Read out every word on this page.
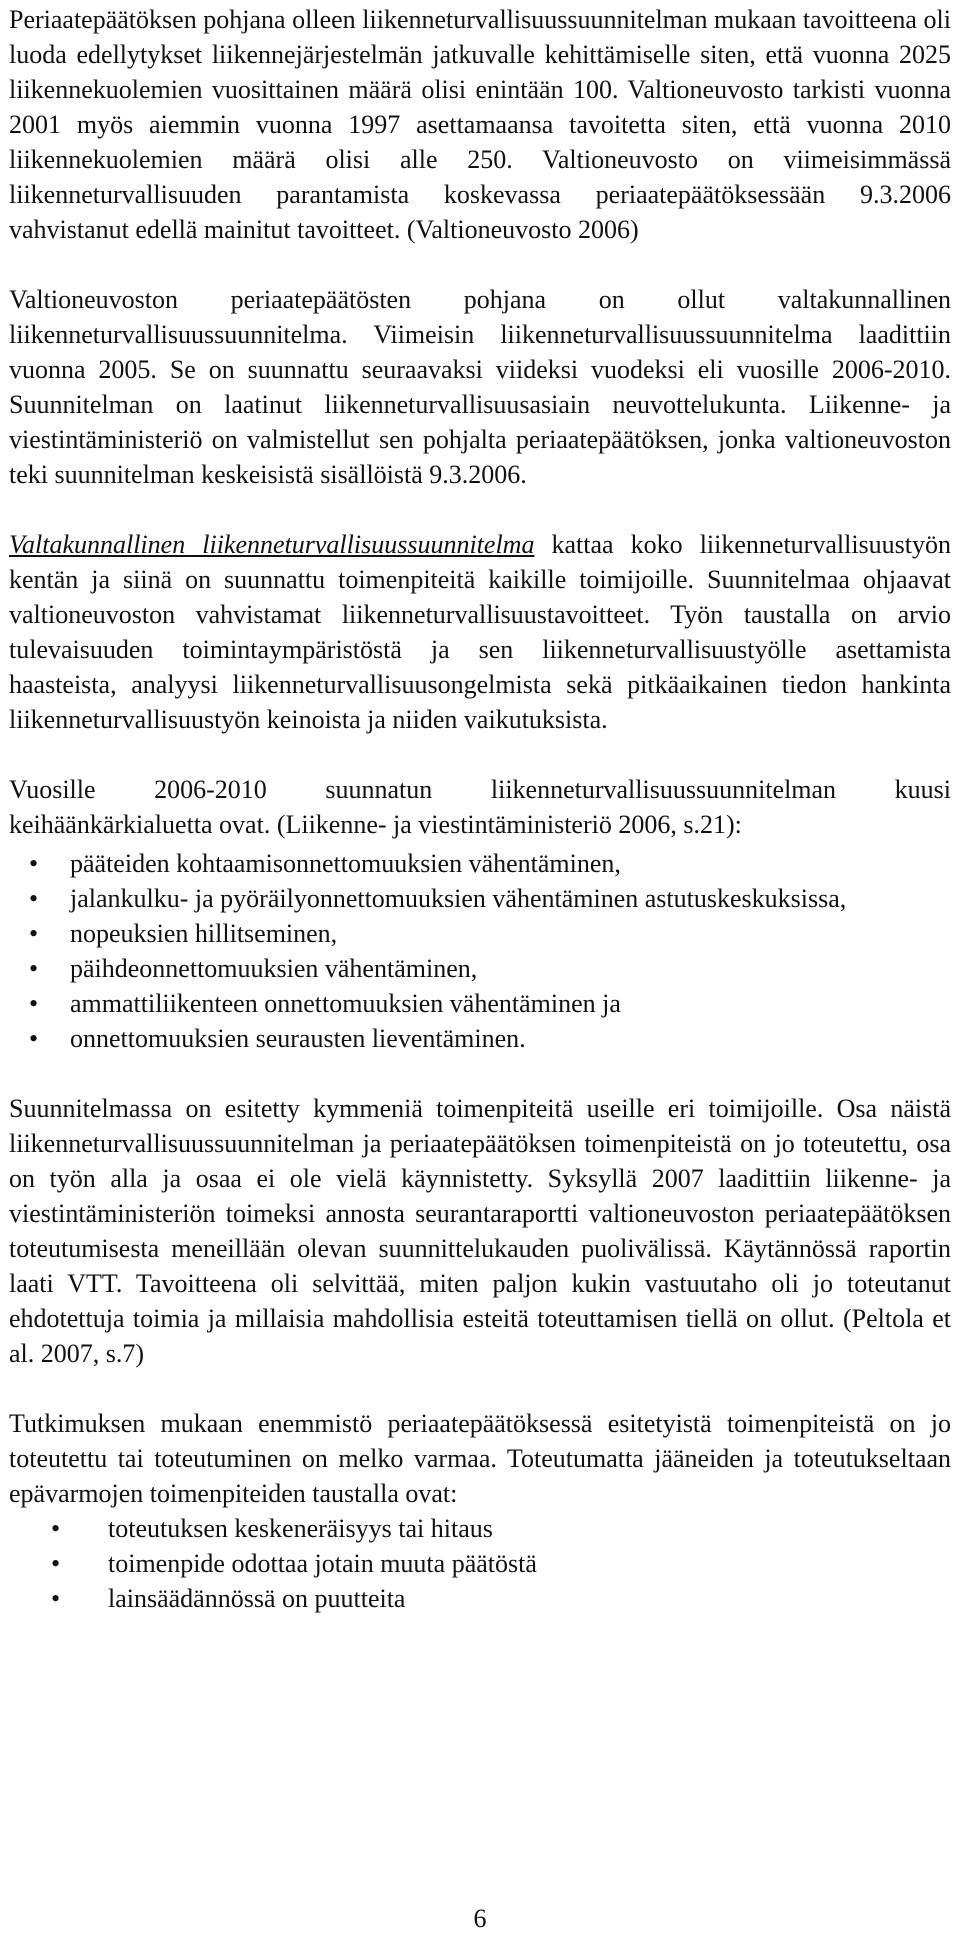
Periaatepäätöksen pohjana olleen liikenneturvallisuussuunnitelman mukaan tavoitteena oli luoda edellytykset liikennejärjestelmän jatkuvalle kehittämiselle siten, että vuonna 2025 liikennekuolemien vuosittainen määrä olisi enintään 100. Valtioneuvosto tarkisti vuonna 2001 myös aiemmin vuonna 1997 asettamaansa tavoitetta siten, että vuonna 2010 liikennekuolemien määrä olisi alle 250. Valtioneuvosto on viimeisimmässä liikenneturvallisuuden parantamista koskevassa periaatepäätöksessään 9.3.2006 vahvistanut edellä mainitut tavoitteet. (Valtioneuvosto 2006)

Valtioneuvoston periaatepäätösten pohjana on ollut valtakunnallinen liikenneturvallisuussuunnitelma. Viimeisin liikenneturvallisuussuunnitelma laadittiin vuonna 2005. Se on suunnattu seuraavaksi viideksi vuodeksi eli vuosille 2006-2010. Suunnitelman on laatinut liikenneturvallisuusasiain neuvottelukunta. Liikenne- ja viestintäministeriö on valmistellut sen pohjalta periaatepäätöksen, jonka valtioneuvoston teki suunnitelman keskeisistä sisällöistä 9.3.2006.

Valtakunnallinen liikenneturvallisuussuunnitelma kattaa koko liikenneturvallisuustyön kentän ja siinä on suunnattu toimenpiteitä kaikille toimijoille. Suunnitelmaa ohjaavat valtioneuvoston vahvistamat liikenneturvallisuustavoitteet. Työn taustalla on arvio tulevaisuuden toimintaympäristöstä ja sen liikenneturvallisuustyölle asettamista haasteista, analyysi liikenneturvallisuusongelmista sekä pitkäaikainen tiedon hankinta liikenneturvallisuustyön keinoista ja niiden vaikutuksista.

Vuosille 2006-2010 suunnatun liikenneturvallisuussuunnitelman kuusi keihäänkärkialuetta ovat. (Liikenne- ja viestintäministeriö 2006, s.21):

• pääteiden kohtaamisonnettomuuksien vähentäminen,
• jalankulku- ja pyöräilyonnettomuuksien vähentäminen astutuskeskuksissa,
• nopeuksien hillitseminen,
• päihdeonnettomuuksien vähentäminen,
• ammattiliikenteen onnettomuuksien vähentäminen ja
• onnettomuuksien seurausten lieventäminen.

Suunnitelmassa on esitetty kymmeniä toimenpiteitä useille eri toimijoille. Osa näistä liikenneturvallisuussuunnitelman ja periaatepäätöksen toimenpiteistä on jo toteutettu, osa on työn alla ja osaa ei ole vielä käynnistetty. Syksyllä 2007 laadittiin liikenne- ja viestintäministeriön toimeksi annosta seurantaraportti valtioneuvoston periaatepäätöksen toteutumisesta meneillään olevan suunnittelukauden puolivälissä. Käytännössä raportin laati VTT. Tavoitteena oli selvittää, miten paljon kukin vastuutaho oli jo toteutanut ehdotettuja toimia ja millaisia mahdollisia esteitä toteuttamisen tiellä on ollut. (Peltola et al. 2007, s.7)

Tutkimuksen mukaan enemmistö periaatepäätöksessä esitetyistä toimenpiteistä on jo toteutettu tai toteutuminen on melko varmaa. Toteutumatta jääneiden ja toteutukseltaan epävarmojen toimenpiteiden taustalla ovat:

• toteutuksen keskeneräisyys tai hitaus
• toimenpide odottaa jotain muuta päätöstä
• lainsäädännössä on puutteita
6
